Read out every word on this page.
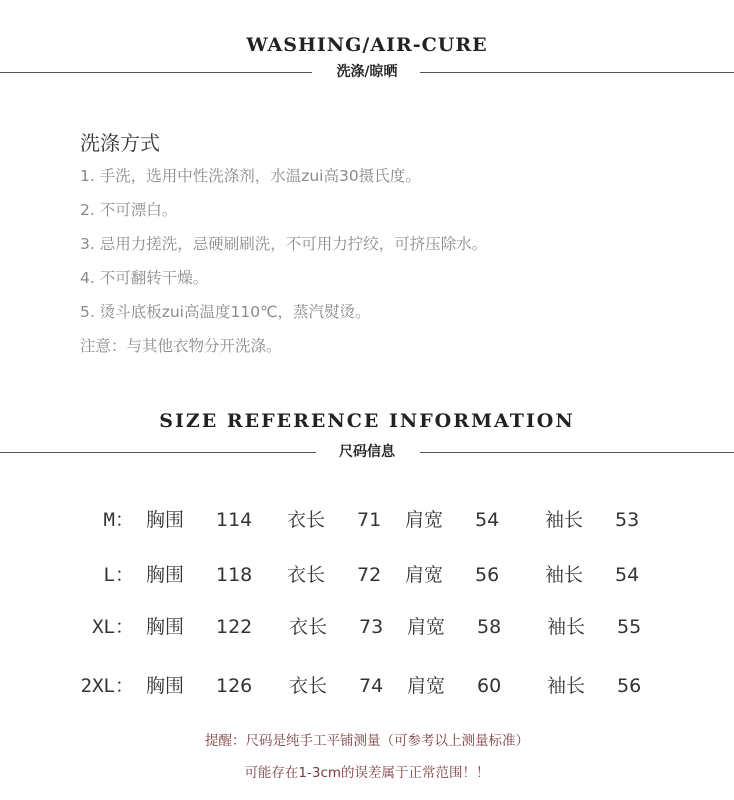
WASHING/AIR-CURE
洗涤/晾晒
洗涤方式
1. 手洗，选用中性洗涤剂，水温zui高30摄氏度。
2. 不可漂白。
3. 忌用力搓洗，忌硬刷刷洗，不可用力拧绞，可挤压除水。
4. 不可翻转干燥。
5. 烫斗底板zui高温度110℃，蒸汽熨烫。
注意：与其他衣物分开洗涤。
SIZE REFERENCE INFORMATION
尺码信息
M： 胸围 114 衣长 71 肩宽 54 袖长 53
L： 胸围 118 衣长 72 肩宽 56 袖长 54
XL： 胸围 122 衣长 73 肩宽 58 袖长 55
2XL： 胸围 126 衣长 74 肩宽 60 袖长 56
提醒：尺码是纯手工平铺测量（可参考以上测量标准）
可能存在1-3cm的误差属于正常范围！！
